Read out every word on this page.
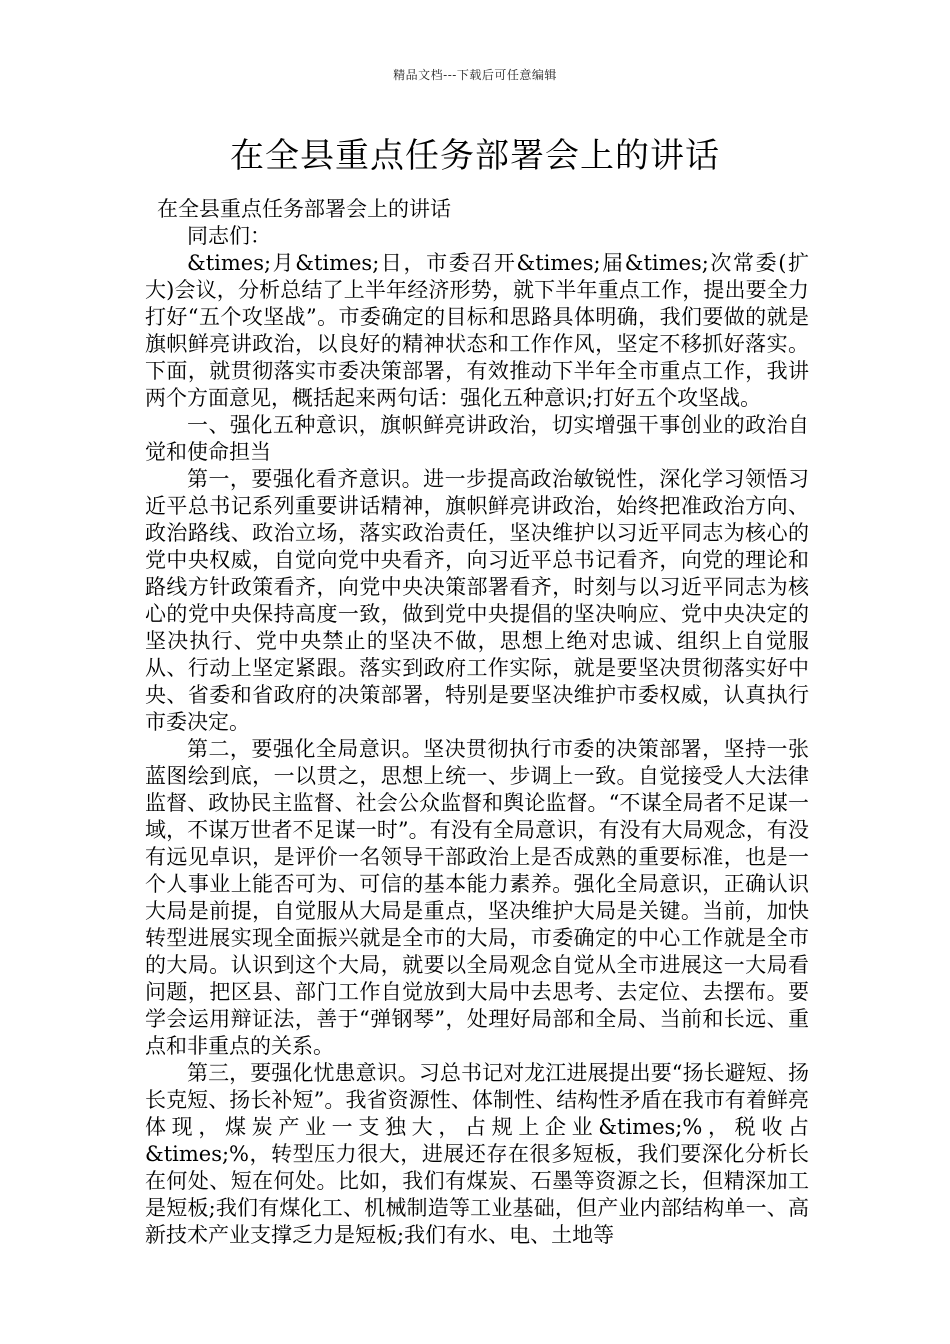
精品文档---下载后可任意编辑
在全县重点任务部署会上的讲话

在全县重点任务部署会上的讲话

同志们：

&times;月&times;日，市委召开&times;届&times;次常委(扩大)会议，分析总结了上半年经济形势，就下半年重点工作，提出要全力打好“五个攻坚战”。市委确定的目标和思路具体明确，我们要做的就是旗帜鲜亮讲政治，以良好的精神状态和工作作风，坚定不移抓好落实。下面，就贯彻落实市委决策部署，有效推动下半年全市重点工作，我讲两个方面意见，概括起来两句话：强化五种意识;打好五个攻坚战。

一、强化五种意识，旗帜鲜亮讲政治，切实增强干事创业的政治自觉和使命担当

第一，要强化看齐意识。进一步提高政治敏锐性，深化学习领悟习近平总书记系列重要讲话精神，旗帜鲜亮讲政治，始终把准政治方向、政治路线、政治立场，落实政治责任，坚决维护以习近平同志为核心的党中央权威，自觉向党中央看齐，向习近平总书记看齐，向党的理论和路线方针政策看齐，向党中央决策部署看齐，时刻与以习近平同志为核心的党中央保持高度一致，做到党中央提倡的坚决响应、党中央决定的坚决执行、党中央禁止的坚决不做，思想上绝对忠诚、组织上自觉服从、行动上坚定紧跟。落实到政府工作实际，就是要坚决贯彻落实好中央、省委和省政府的决策部署，特别是要坚决维护市委权威，认真执行市委决定。

第二，要强化全局意识。坚决贯彻执行市委的决策部署，坚持一张蓝图绘到底，一以贯之，思想上统一、步调上一致。自觉接受人大法律监督、政协民主监督、社会公众监督和舆论监督。“不谋全局者不足谋一域，不谋万世者不足谋一时”。有没有全局意识，有没有大局观念，有没有远见卓识，是评价一名领导干部政治上是否成熟的重要标准，也是一个人事业上能否可为、可信的基本能力素养。强化全局意识，正确认识大局是前提，自觉服从大局是重点，坚决维护大局是关键。当前，加快转型进展实现全面振兴就是全市的大局，市委确定的中心工作就是全市的大局。认识到这个大局，就要以全局观念自觉从全市进展这一大局看问题，把区县、部门工作自觉放到大局中去思考、去定位、去摆布。要学会运用辩证法，善于“弹钢琴”，处理好局部和全局、当前和长远、重点和非重点的关系。

第三，要强化忧患意识。习总书记对龙江进展提出要“扬长避短、扬长克短、扬长补短”。我省资源性、体制性、结构性矛盾在我市有着鲜亮体现，煤炭产业一支独大，占规上企业&times;%，税收占&times;%，转型压力很大，进展还存在很多短板，我们要深化分析长在何处、短在何处。比如，我们有煤炭、石墨等资源之长，但精深加工是短板;我们有煤化工、机械制造等工业基础，但产业内部结构单一、高新技术产业支撑乏力是短板;我们有水、电、土地等
